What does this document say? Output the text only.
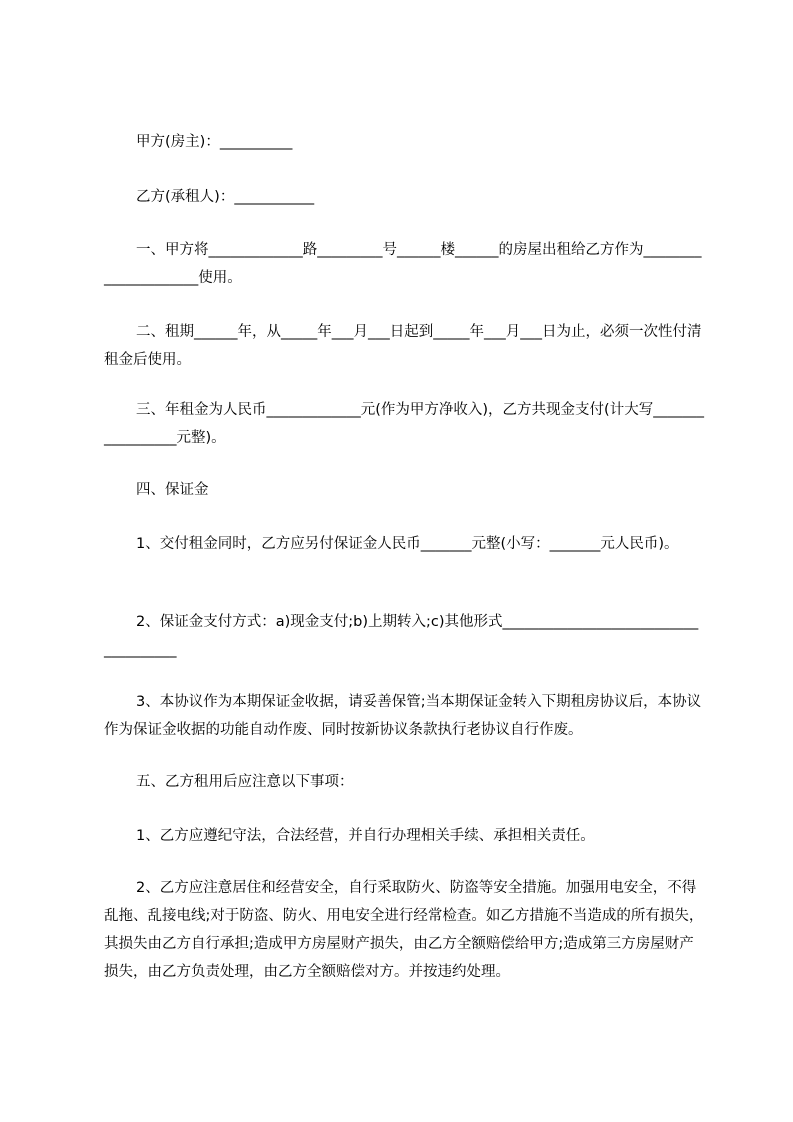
甲方(房主)：__________

乙方(承租人)：___________

一、甲方将_____________路_________号______楼______的房屋出租给乙方作为_____________________使用。

二、租期______年，从_____年___月___日起到_____年___月___日为止，必须一次性付清租金后使用。

三、年租金为人民币_____________元(作为甲方净收入)，乙方共现金支付(计大写_________________元整)。

四、保证金

1、交付租金同时，乙方应另付保证金人民币_______元整(小写：_______元人民币)。

2、保证金支付方式：a)现金支付;b)上期转入;c)其他形式_____________________________________

3、本协议作为本期保证金收据，请妥善保管;当本期保证金转入下期租房协议后，本协议作为保证金收据的功能自动作废、同时按新协议条款执行老协议自行作废。

五、乙方租用后应注意以下事项：

1、乙方应遵纪守法，合法经营，并自行办理相关手续、承担相关责任。

2、乙方应注意居住和经营安全，自行采取防火、防盗等安全措施。加强用电安全，不得乱拖、乱接电线;对于防盗、防火、用电安全进行经常检查。如乙方措施不当造成的所有损失，其损失由乙方自行承担;造成甲方房屋财产损失，由乙方全额赔偿给甲方;造成第三方房屋财产损失，由乙方负责处理，由乙方全额赔偿对方。并按违约处理。
